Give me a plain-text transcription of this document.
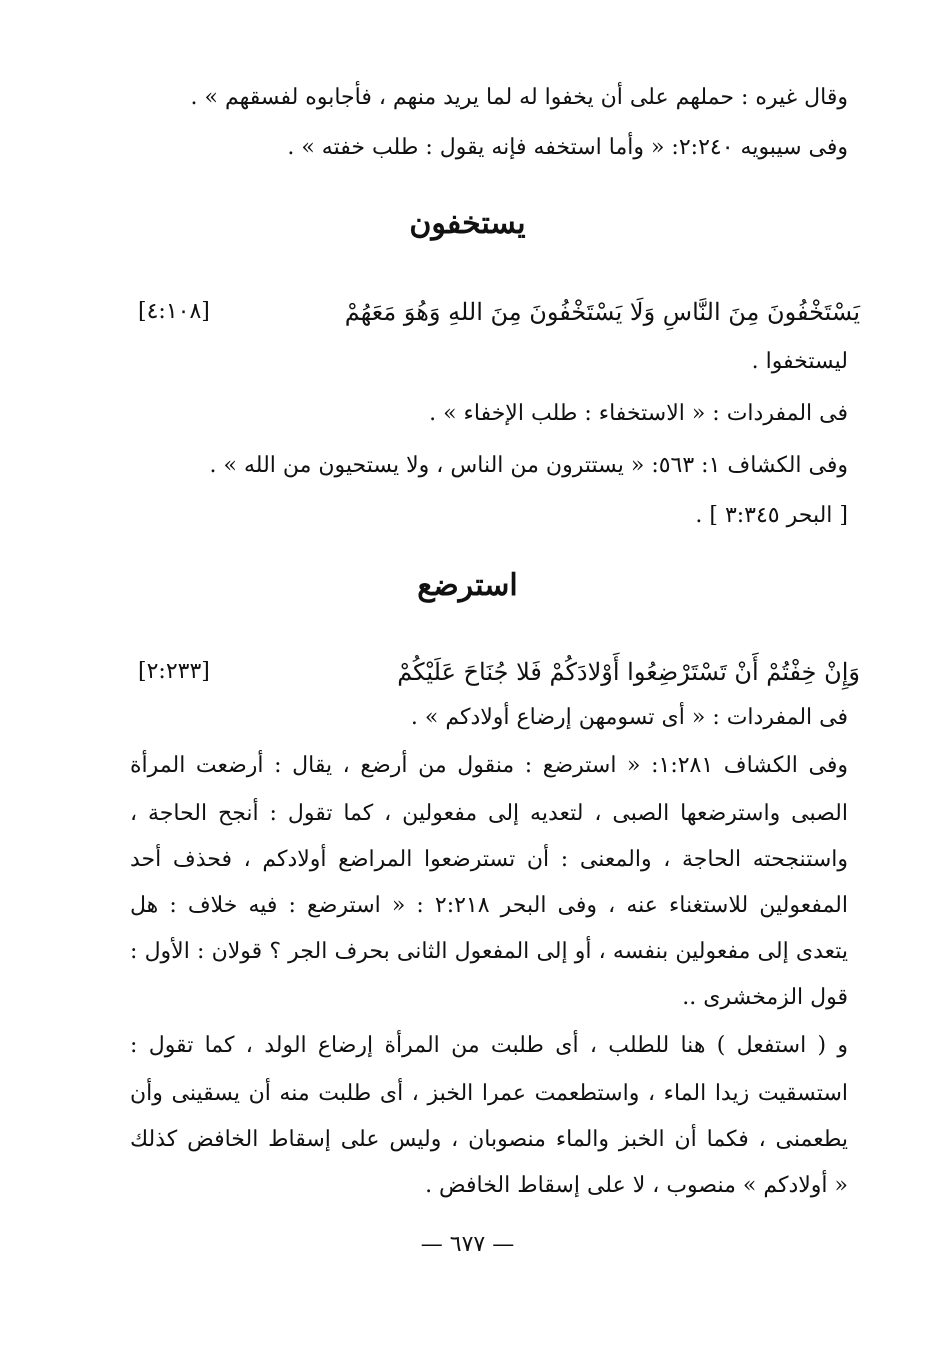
وقال غيره : حملهم على أن يخفوا له لما يريد منهم ، فأجابوه لفسقهم » .
وفى سيبويه ٢:٢٤٠: « وأما استخفه فإنه يقول : طلب خفته » .
يستخفون
يَسْتَخْفُونَ مِنَ النَّاسِ وَلَا يَسْتَخْفُونَ مِنَ اللهِ وَهُوَ مَعَهُمْ
[٤:١٠٨]
ليستخفوا .
فى المفردات : « الاستخفاء : طلب الإخفاء » .
وفى الكشاف ١: ٥٦٣: « يستترون من الناس ، ولا يستحيون من الله » .
[ البحر ٣:٣٤٥ ] .
استرضع
وَإِنْ خِفْتُمْ أَنْ تَسْتَرْضِعُوا أَوْلادَكُمْ فَلا جُنَاحَ عَلَيْكُمْ
[٢:٢٣٣]
فى المفردات : « أى تسومهن إرضاع أولادكم » .
وفى الكشاف ١:٢٨١: « استرضع : منقول من أرضع ، يقال : أرضعت المرأة
الصبى واسترضعها الصبى ، لتعديه إلى مفعولين ، كما تقول : أنجح الحاجة ،
واستنجحته الحاجة ، والمعنى : أن تسترضعوا المراضع أولادكم ، فحذف أحد
المفعولين للاستغناء عنه ، وفى البحر ٢:٢١٨ : « استرضع : فيه خلاف : هل
يتعدى إلى مفعولين بنفسه ، أو إلى المفعول الثانى بحرف الجر ؟ قولان : الأول :
قول الزمخشرى ..
و ( استفعل ) هنا للطلب ، أى طلبت من المرأة إرضاع الولد ، كما تقول :
استسقيت زيدا الماء ، واستطعمت عمرا الخبز ، أى طلبت منه أن يسقينى وأن
يطعمنى ، فكما أن الخبز والماء منصوبان ، وليس على إسقاط الخافض كذلك
« أولادكم » منصوب ، لا على إسقاط الخافض .
— ٦٧٧ —
